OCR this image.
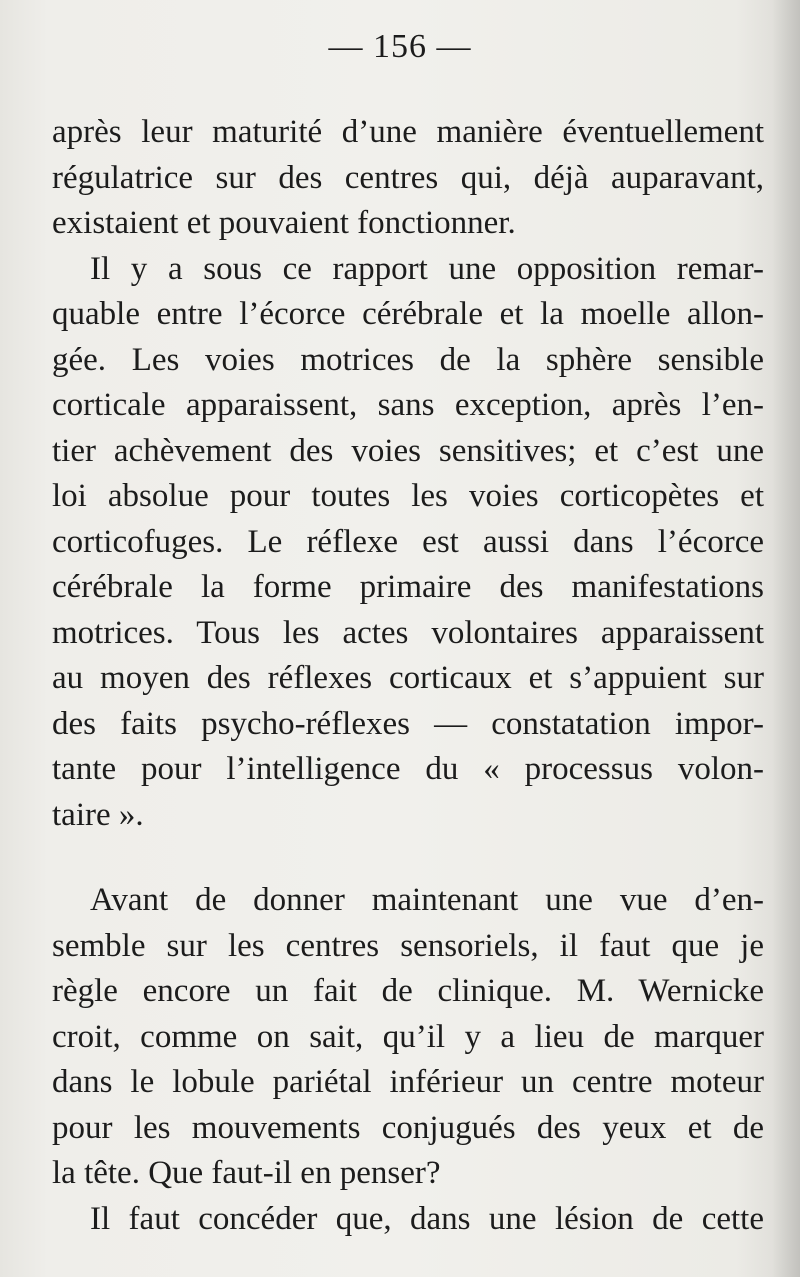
— 156 —
après leur maturité d’une manière éventuellement
régulatrice sur des centres qui, déjà auparavant,
existaient et pouvaient fonctionner.
Il y a sous ce rapport une opposition remar-
quable entre l’écorce cérébrale et la moelle allon-
gée. Les voies motrices de la sphère sensible
corticale apparaissent, sans exception, après l’en-
tier achèvement des voies sensitives; et c’est une
loi absolue pour toutes les voies corticopètes et
corticofuges. Le réflexe est aussi dans l’écorce
cérébrale la forme primaire des manifestations
motrices. Tous les actes volontaires apparaissent
au moyen des réflexes corticaux et s’appuient sur
des faits psycho-réflexes — constatation impor-
tante pour l’intelligence du « processus volon-
taire ».
Avant de donner maintenant une vue d’en-
semble sur les centres sensoriels, il faut que je
règle encore un fait de clinique. M. Wernicke
croit, comme on sait, qu’il y a lieu de marquer
dans le lobule pariétal inférieur un centre moteur
pour les mouvements conjugués des yeux et de
la tête. Que faut-il en penser?
Il faut concéder que, dans une lésion de cette
